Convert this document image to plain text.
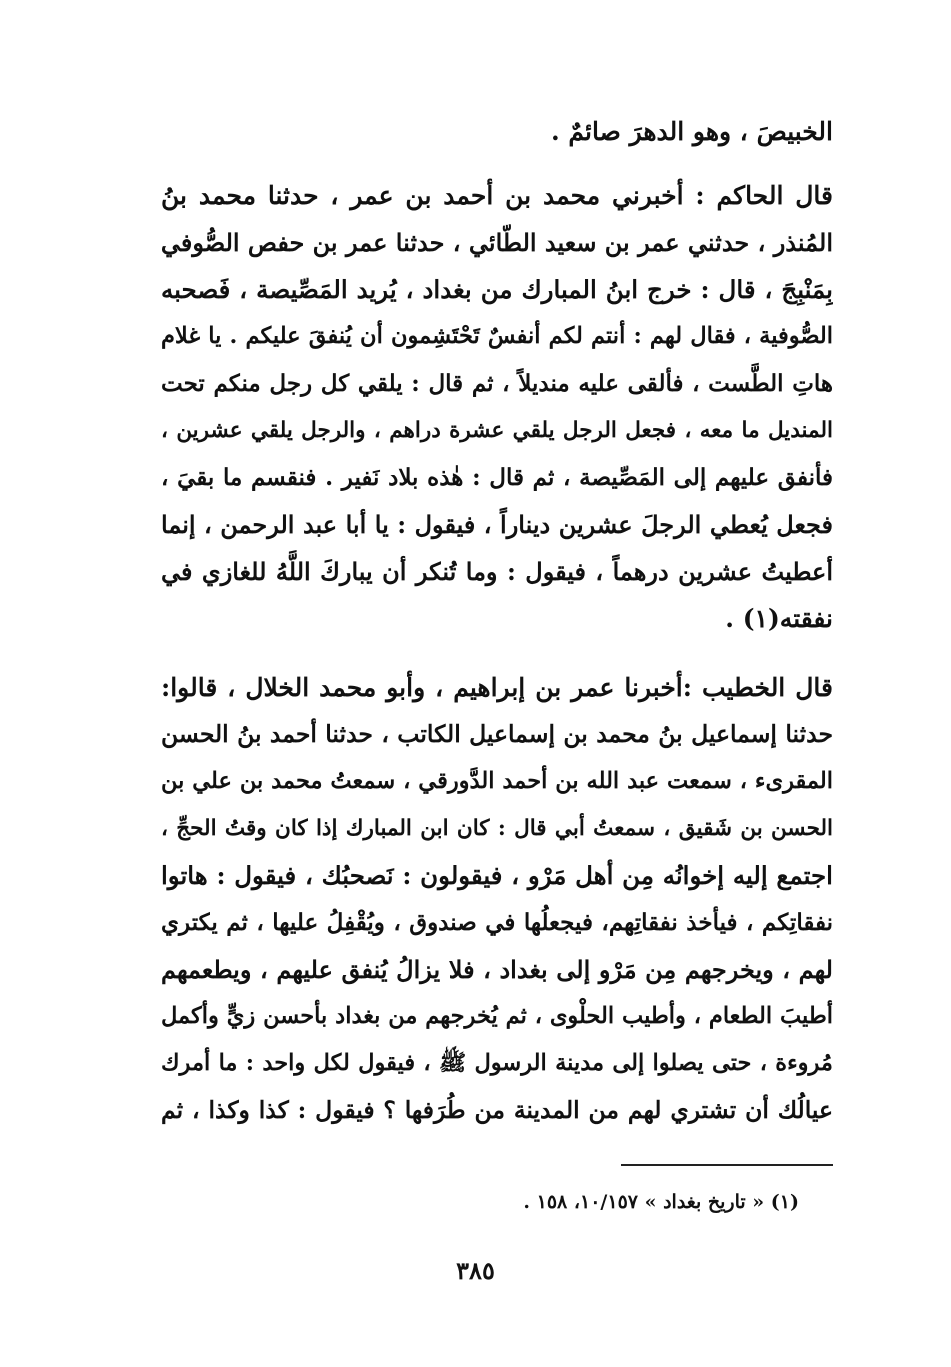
الخبيصَ ، وهو الدهرَ صائمٌ .
قال الحاكم : أخبرني محمد بن أحمد بن عمر ، حدثنا محمد بنُ
المُنذر ، حدثني عمر بن سعيد الطّائي ، حدثنا عمر بن حفص الصُّوفي
بِمَنْبِجَ ، قال : خرج ابنُ المبارك من بغداد ، يُريد المَصِّيصة ، فَصحبه
الصُّوفية ، فقال لهم : أنتم لكم أنفسٌ تَحْتَشِمون أن يُنفقَ عليكم . يا غلام
هاتِ الطَّست ، فألقى عليه منديلاً ، ثم قال : يلقي كل رجل منكم تحت
المنديل ما معه ، فجعل الرجل يلقي عشرة دراهم ، والرجل يلقي عشرين ،
فأنفق عليهم إلى المَصِّيصة ، ثم قال : هٰذه بلاد نَفير . فنقسم ما بقيَ ،
فجعل يُعطي الرجلَ عشرين ديناراً ، فيقول : يا أبا عبد الرحمن ، إنما
أعطيتُ عشرين درهماً ، فيقول : وما تُنكر أن يباركَ اللَّهُ للغازي في
نفقته(١) .
قال الخطيب :أخبرنا عمر بن إبراهيم ، وأبو محمد الخلال ، قالوا:
حدثنا إسماعيل بنُ محمد بن إسماعيل الكاتب ، حدثنا أحمد بنُ الحسن
المقرىء ، سمعت عبد الله بن أحمد الدَّورقي ، سمعتُ محمد بن علي بن
الحسن بن شَقيق ، سمعتُ أبي قال : كان ابن المبارك إذا كان وقتُ الحجِّ ،
اجتمع إليه إخوانُه مِن أهل مَرْو ، فيقولون : نَصحبُك ، فيقول : هاتوا
نفقاتِكم ، فيأخذ نفقاتِهم، فيجعلُها في صندوق ، ويُقْفِلُ عليها ، ثم يكتري
لهم ، ويخرجهم مِن مَرْو إلى بغداد ، فلا يزالُ يُنفق عليهم ، ويطعمهم
أطيبَ الطعام ، وأطيب الحلْوى ، ثم يُخرجهم من بغداد بأحسن زيٍّ وأكمل
مُروءة ، حتى يصلوا إلى مدينة الرسول ﷺ ، فيقول لكل واحد : ما أمرك
عيالُك أن تشتري لهم من المدينة من طُرَفها ؟ فيقول : كذا وكذا ، ثم
(١) « تاريخ بغداد » ١٠/١٥٧، ١٥٨ .
٣٨٥
